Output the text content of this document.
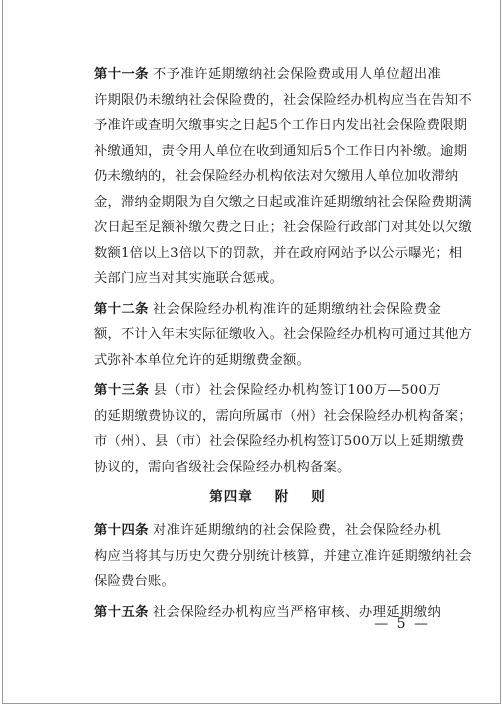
第十一条 不予准许延期缴纳社会保险费或用人单位超出准
许期限仍未缴纳社会保险费的，社会保险经办机构应当在告知不
予准许或查明欠缴事实之日起5个工作日内发出社会保险费限期
补缴通知，责令用人单位在收到通知后5个工作日内补缴。逾期
仍未缴纳的，社会保险经办机构依法对欠缴用人单位加收滞纳
金，滞纳金期限为自欠缴之日起或准许延期缴纳社会保险费期满
次日起至足额补缴欠费之日止；社会保险行政部门对其处以欠缴
数额1倍以上3倍以下的罚款，并在政府网站予以公示曝光；相
关部门应当对其实施联合惩戒。
第十二条 社会保险经办机构准许的延期缴纳社会保险费金
额，不计入年末实际征缴收入。社会保险经办机构可通过其他方
式弥补本单位允许的延期缴费金额。
第十三条 县（市）社会保险经办机构签订100万—500万
的延期缴费协议的，需向所属市（州）社会保险经办机构备案；
市（州）、县（市）社会保险经办机构签订500万以上延期缴费
协议的，需向省级社会保险经办机构备案。
第四章 附 则
第十四条 对准许延期缴纳的社会保险费，社会保险经办机
构应当将其与历史欠费分别统计核算，并建立准许延期缴纳社会
保险费台账。
第十五条 社会保险经办机构应当严格审核、办理延期缴纳
— 5 —
